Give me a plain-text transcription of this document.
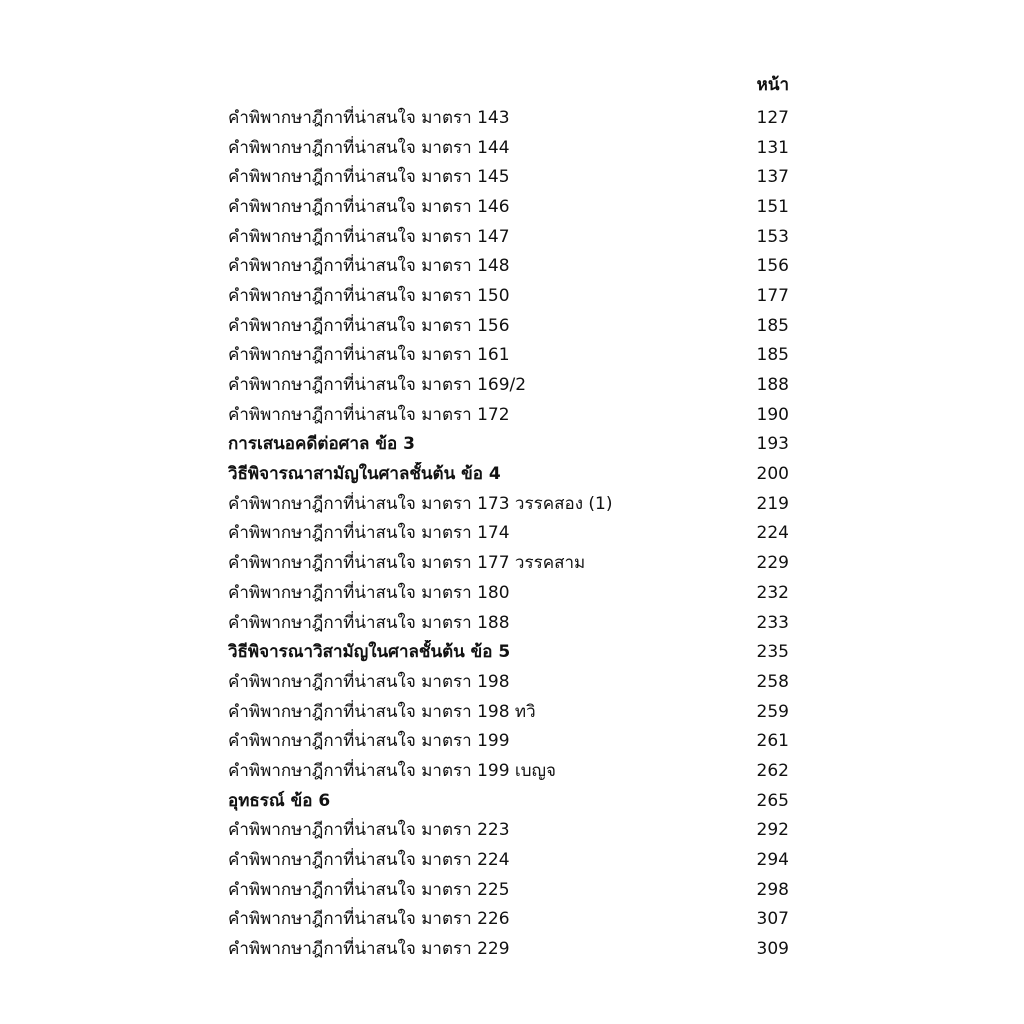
หน้า
คำพิพากษาฎีกาที่น่าสนใจ มาตรา 143	127
คำพิพากษาฎีกาที่น่าสนใจ มาตรา 144	131
คำพิพากษาฎีกาที่น่าสนใจ มาตรา 145	137
คำพิพากษาฎีกาที่น่าสนใจ มาตรา 146	151
คำพิพากษาฎีกาที่น่าสนใจ มาตรา 147	153
คำพิพากษาฎีกาที่น่าสนใจ มาตรา 148	156
คำพิพากษาฎีกาที่น่าสนใจ มาตรา 150	177
คำพิพากษาฎีกาที่น่าสนใจ มาตรา 156	185
คำพิพากษาฎีกาที่น่าสนใจ มาตรา 161	185
คำพิพากษาฎีกาที่น่าสนใจ มาตรา 169/2	188
คำพิพากษาฎีกาที่น่าสนใจ มาตรา 172	190
การเสนอคดีต่อศาล ข้อ 3	193
วิธีพิจารณาสามัญในศาลชั้นต้น ข้อ 4	200
คำพิพากษาฎีกาที่น่าสนใจ มาตรา 173 วรรคสอง (1)	219
คำพิพากษาฎีกาที่น่าสนใจ มาตรา 174	224
คำพิพากษาฎีกาที่น่าสนใจ มาตรา 177 วรรคสาม	229
คำพิพากษาฎีกาที่น่าสนใจ มาตรา 180	232
คำพิพากษาฎีกาที่น่าสนใจ มาตรา 188	233
วิธีพิจารณาวิสามัญในศาลชั้นต้น ข้อ 5	235
คำพิพากษาฎีกาที่น่าสนใจ มาตรา 198	258
คำพิพากษาฎีกาที่น่าสนใจ มาตรา 198 ทวิ	259
คำพิพากษาฎีกาที่น่าสนใจ มาตรา 199	261
คำพิพากษาฎีกาที่น่าสนใจ มาตรา 199 เบญจ	262
อุทธรณ์ ข้อ 6	265
คำพิพากษาฎีกาที่น่าสนใจ มาตรา 223	292
คำพิพากษาฎีกาที่น่าสนใจ มาตรา 224	294
คำพิพากษาฎีกาที่น่าสนใจ มาตรา 225	298
คำพิพากษาฎีกาที่น่าสนใจ มาตรา 226	307
คำพิพากษาฎีกาที่น่าสนใจ มาตรา 229	309
